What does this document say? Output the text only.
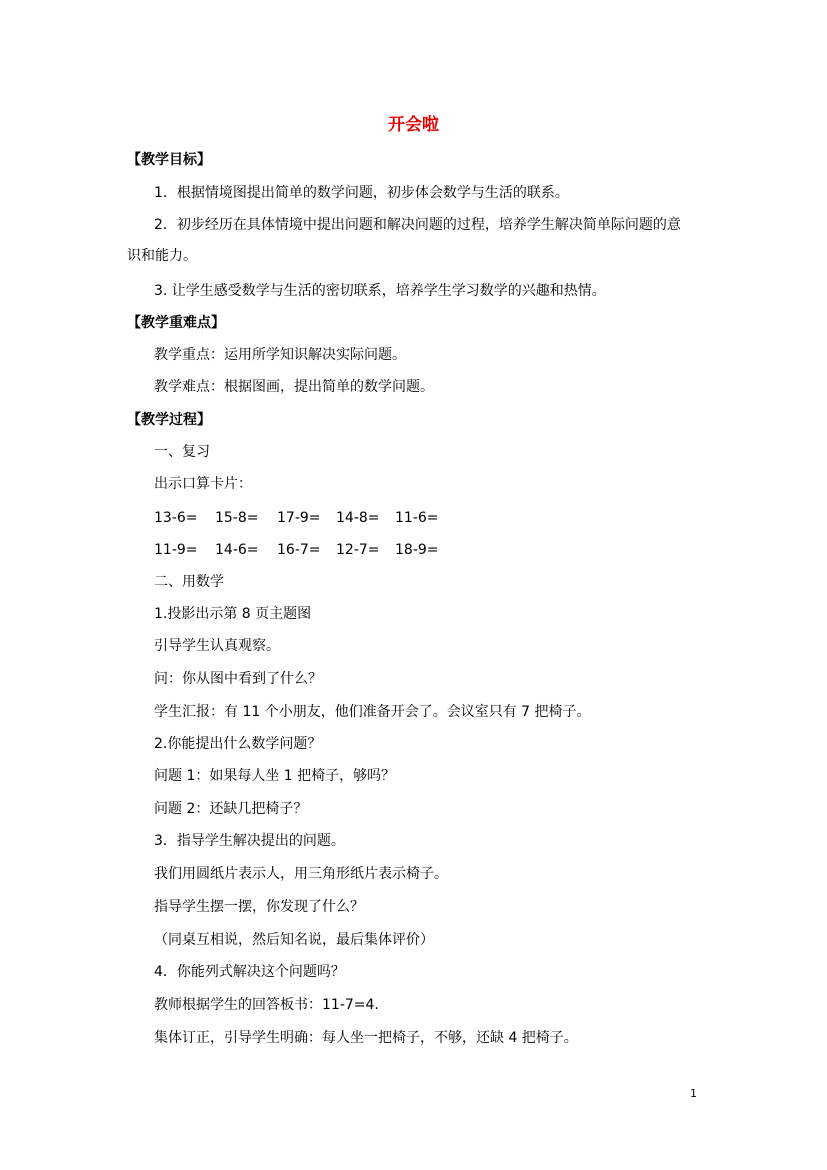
开会啦
【教学目标】
1．根据情境图提出简单的数学问题，初步体会数学与生活的联系。
2．初步经历在具体情境中提出问题和解决问题的过程，培养学生解决简单际问题的意
识和能力。
3. 让学生感受数学与生活的密切联系，培养学生学习数学的兴趣和热情。
【教学重难点】
教学重点：运用所学知识解决实际问题。
教学难点：根据图画，提出简单的数学问题。
【教学过程】
一、复习
出示口算卡片：
13-6= 15-8= 17-9= 14-8= 11-6=
11-9= 14-6= 16-7= 12-7= 18-9=
二、用数学
1.投影出示第 8 页主题图
引导学生认真观察。
问：你从图中看到了什么？
学生汇报：有 11 个小朋友，他们准备开会了。会议室只有 7 把椅子。
2.你能提出什么数学问题？
问题 1：如果每人坐 1 把椅子，够吗？
问题 2：还缺几把椅子？
3．指导学生解决提出的问题。
我们用圆纸片表示人，用三角形纸片表示椅子。
指导学生摆一摆，你发现了什么？
（同桌互相说，然后知名说，最后集体评价）
4．你能列式解决这个问题吗？
教师根据学生的回答板书：11-7=4.
集体订正，引导学生明确：每人坐一把椅子，不够，还缺 4 把椅子。
1
